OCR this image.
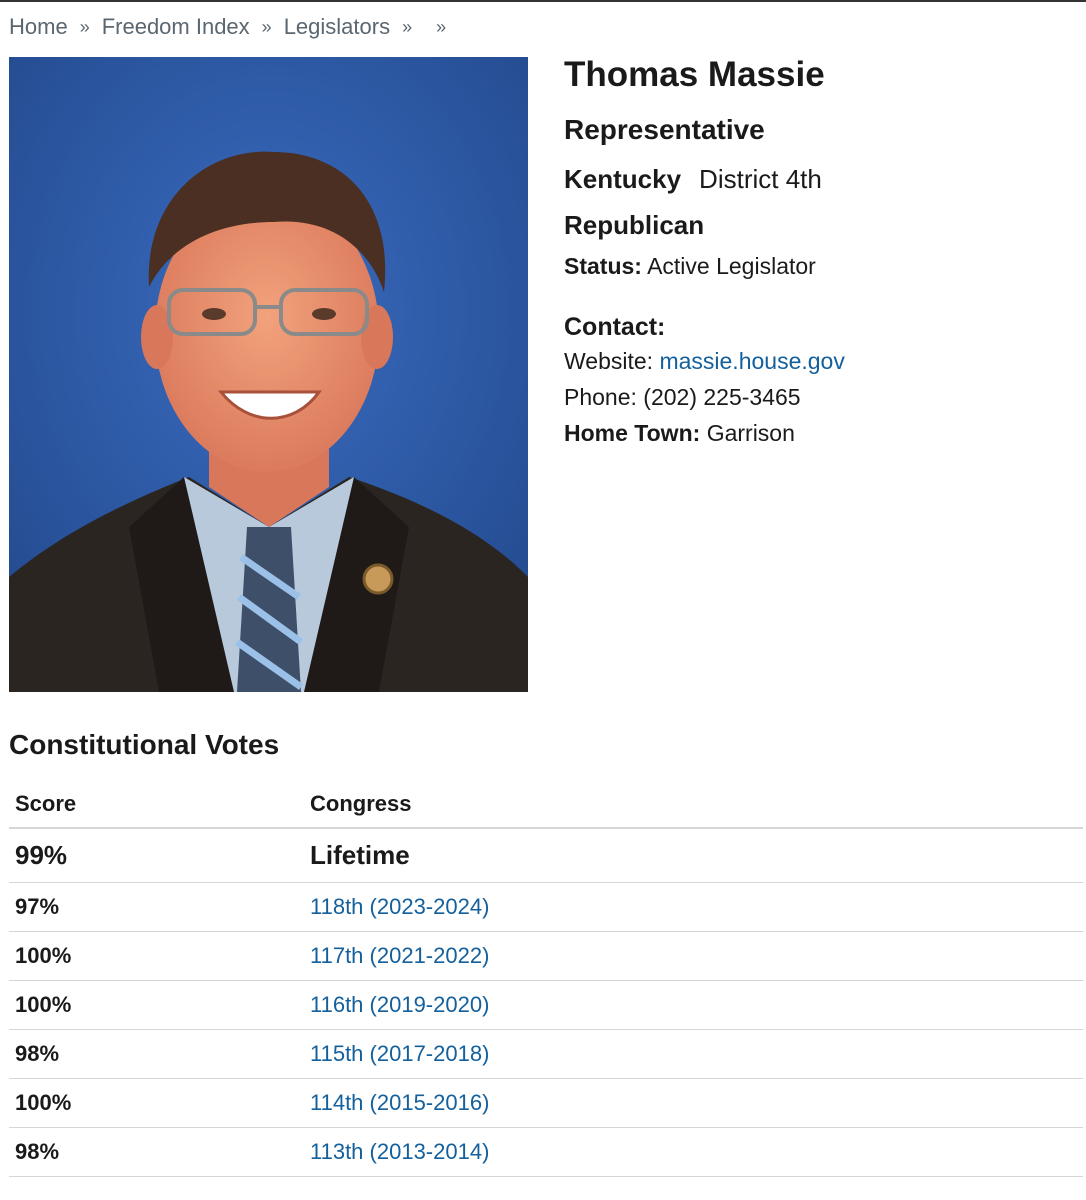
Home » Freedom Index » Legislators » »
Thomas Massie
Representative
Kentucky District 4th
Republican
Status: Active Legislator
Contact:
Website: massie.house.gov
Phone: (202) 225-3465
Home Town: Garrison
Constitutional Votes
Score	Congress
99%	Lifetime
97%	118th (2023-2024)
100%	117th (2021-2022)
100%	116th (2019-2020)
98%	115th (2017-2018)
100%	114th (2015-2016)
98%	113th (2013-2014)
